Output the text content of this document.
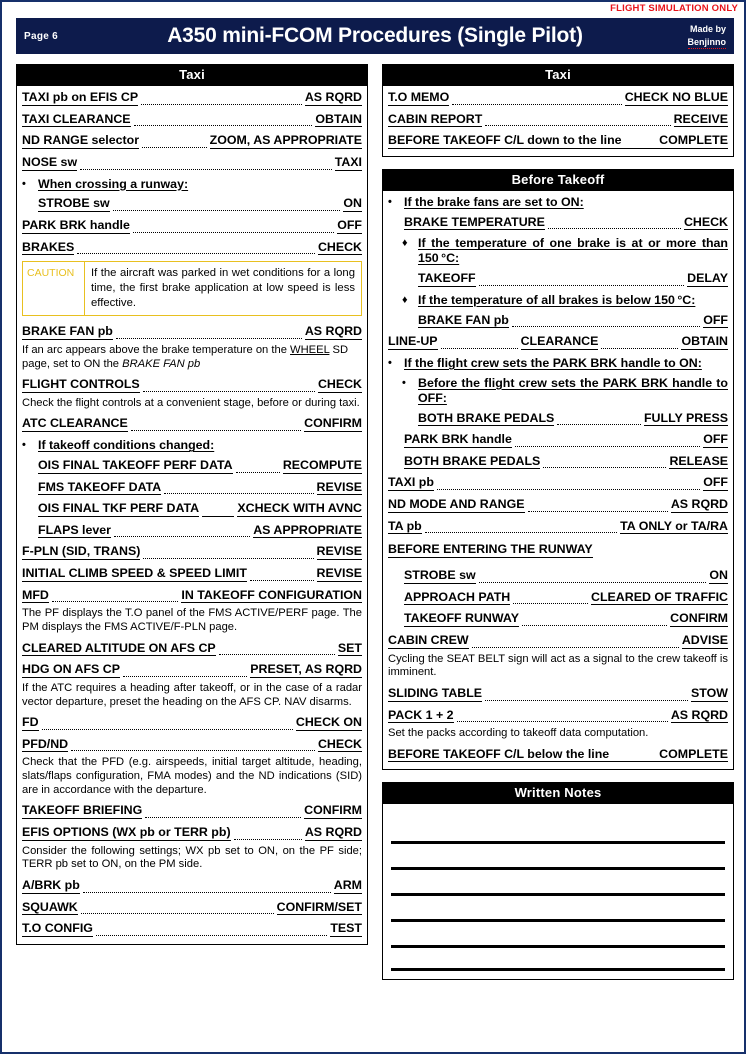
FLIGHT SIMULATION ONLY
Page 6	A350 mini-FCOM Procedures (Single Pilot)	Made by
Benjinno
Taxi
TAXI pb on EFIS CP	AS RQRD
TAXI CLEARANCE	OBTAIN
ND RANGE selector	ZOOM, AS APPROPRIATE
NOSE sw	TAXI
• When crossing a runway:
STROBE sw	ON
PARK BRK handle	OFF
BRAKES	CHECK
CAUTION	If the aircraft was parked in wet conditions for a long time, the first brake application at low speed is less effective.
BRAKE FAN pb	AS RQRD
If an arc appears above the brake temperature on the WHEEL SD page, set to ON the BRAKE FAN pb
FLIGHT CONTROLS	CHECK
Check the flight controls at a convenient stage, before or during taxi.
ATC CLEARANCE	CONFIRM
• If takeoff conditions changed:
OIS FINAL TAKEOFF PERF DATA	RECOMPUTE
FMS TAKEOFF DATA	REVISE
OIS FINAL TKF PERF DATA	XCHECK WITH AVNC
FLAPS lever	AS APPROPRIATE
F-PLN (SID, TRANS)	REVISE
INITIAL CLIMB SPEED & SPEED LIMIT	REVISE
MFD	IN TAKEOFF CONFIGURATION
The PF displays the T.O panel of the FMS ACTIVE/PERF page. The PM displays the FMS ACTIVE/F-PLN page.
CLEARED ALTITUDE ON AFS CP	SET
HDG ON AFS CP	PRESET, AS RQRD
If the ATC requires a heading after takeoff, or in the case of a radar vector departure, preset the heading on the AFS CP. NAV disarms.
FD	CHECK ON
PFD/ND	CHECK
Check that the PFD (e.g. airspeeds, initial target altitude, heading, slats/flaps configuration, FMA modes) and the ND indications (SID) are in accordance with the departure.
TAKEOFF BRIEFING	CONFIRM
EFIS OPTIONS (WX pb or TERR pb)	AS RQRD
Consider the following settings; WX pb set to ON, on the PF side; TERR pb set to ON, on the PM side.
A/BRK pb	ARM
SQUAWK	CONFIRM/SET
T.O CONFIG	TEST
Taxi
T.O MEMO	CHECK NO BLUE
CABIN REPORT	RECEIVE
BEFORE TAKEOFF C/L down to the line	COMPLETE
Before Takeoff
• If the brake fans are set to ON:
BRAKE TEMPERATURE	CHECK
♦ If the temperature of one brake is at or more than 150 °C:
TAKEOFF	DELAY
♦ If the temperature of all brakes is below 150 °C:
BRAKE FAN pb	OFF
LINE-UP	CLEARANCE	OBTAIN
• If the flight crew sets the PARK BRK handle to ON:
• Before the flight crew sets the PARK BRK handle to OFF:
BOTH BRAKE PEDALS	FULLY PRESS
PARK BRK handle	OFF
BOTH BRAKE PEDALS	RELEASE
TAXI pb	OFF
ND MODE AND RANGE	AS RQRD
TA pb	TA ONLY or TA/RA
BEFORE ENTERING THE RUNWAY
STROBE sw	ON
APPROACH PATH	CLEARED OF TRAFFIC
TAKEOFF RUNWAY	CONFIRM
CABIN CREW	ADVISE
Cycling the SEAT BELT sign will act as a signal to the crew takeoff is imminent.
SLIDING TABLE	STOW
PACK 1 + 2	AS RQRD
Set the packs according to takeoff data computation.
BEFORE TAKEOFF C/L below the line	COMPLETE
Written Notes
